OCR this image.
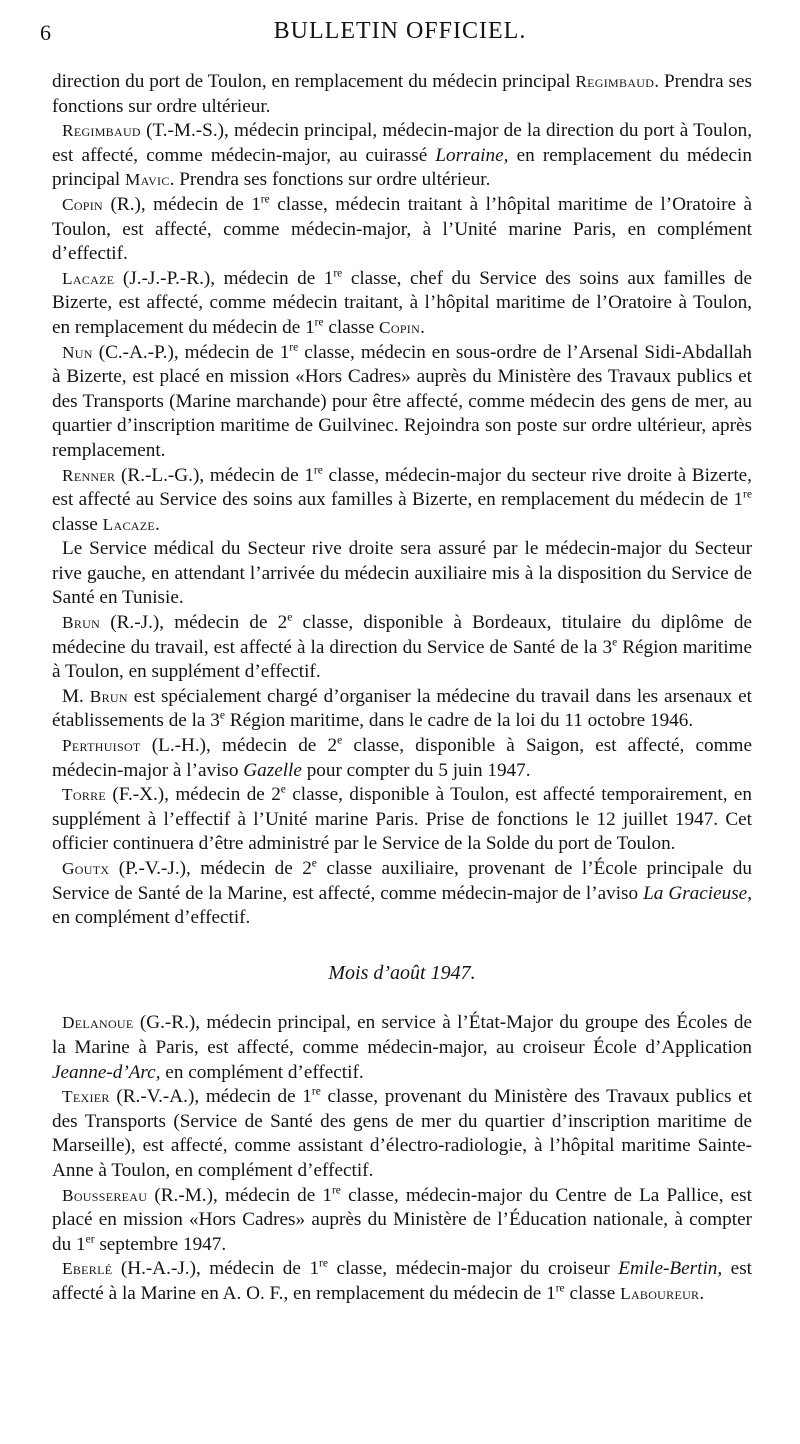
6	BULLETIN OFFICIEL.

direction du port de Toulon, en remplacement du médecin principal Regimbaud. Prendra ses fonctions sur ordre ultérieur.

Regimbaud (T.-M.-S.), médecin principal, médecin-major de la direction du port à Toulon, est affecté, comme médecin-major, au cuirassé Lorraine, en remplacement du médecin principal Mavic. Prendra ses fonctions sur ordre ultérieur.

Copin (R.), médecin de 1re classe, médecin traitant à l’hôpital maritime de l’Oratoire à Toulon, est affecté, comme médecin-major, à l’Unité marine Paris, en complément d’effectif.

Lacaze (J.-J.-P.-R.), médecin de 1re classe, chef du Service des soins aux familles de Bizerte, est affecté, comme médecin traitant, à l’hôpital maritime de l’Oratoire à Toulon, en remplacement du médecin de 1re classe Copin.

Nun (C.-A.-P.), médecin de 1re classe, médecin en sous-ordre de l’Arsenal Sidi-Abdallah à Bizerte, est placé en mission «Hors Cadres» auprès du Ministère des Travaux publics et des Transports (Marine marchande) pour être affecté, comme médecin des gens de mer, au quartier d’inscription maritime de Guilvinec. Rejoindra son poste sur ordre ultérieur, après remplacement.

Renner (R.-L.-G.), médecin de 1re classe, médecin-major du secteur rive droite à Bizerte, est affecté au Service des soins aux familles à Bizerte, en remplacement du médecin de 1re classe Lacaze.

Le Service médical du Secteur rive droite sera assuré par le médecin-major du Secteur rive gauche, en attendant l’arrivée du médecin auxiliaire mis à la disposition du Service de Santé en Tunisie.

Brun (R.-J.), médecin de 2e classe, disponible à Bordeaux, titulaire du diplôme de médecine du travail, est affecté à la direction du Service de Santé de la 3e Région maritime à Toulon, en supplément d’effectif.

M. Brun est spécialement chargé d’organiser la médecine du travail dans les arsenaux et établissements de la 3e Région maritime, dans le cadre de la loi du 11 octobre 1946.

Perthuisot (L.-H.), médecin de 2e classe, disponible à Saigon, est affecté, comme médecin-major à l’aviso Gazelle pour compter du 5 juin 1947.

Torre (F.-X.), médecin de 2e classe, disponible à Toulon, est affecté temporairement, en supplément à l’effectif à l’Unité marine Paris. Prise de fonctions le 12 juillet 1947. Cet officier continuera d’être administré par le Service de la Solde du port de Toulon.

Goutx (P.-V.-J.), médecin de 2e classe auxiliaire, provenant de l’École principale du Service de Santé de la Marine, est affecté, comme médecin-major de l’aviso La Gracieuse, en complément d’effectif.

Mois d’août 1947.

Delanoue (G.-R.), médecin principal, en service à l’État-Major du groupe des Écoles de la Marine à Paris, est affecté, comme médecin-major, au croiseur École d’Application Jeanne-d’Arc, en complément d’effectif.

Texier (R.-V.-A.), médecin de 1re classe, provenant du Ministère des Travaux publics et des Transports (Service de Santé des gens de mer du quartier d’inscription maritime de Marseille), est affecté, comme assistant d’électro-radiologie, à l’hôpital maritime Sainte-Anne à Toulon, en complément d’effectif.

Boussereau (R.-M.), médecin de 1re classe, médecin-major du Centre de La Pallice, est placé en mission «Hors Cadres» auprès du Ministère de l’Éducation nationale, à compter du 1er septembre 1947.

Eberlé (H.-A.-J.), médecin de 1re classe, médecin-major du croiseur Emile-Bertin, est affecté à la Marine en A. O. F., en remplacement du médecin de 1re classe Laboureur.
